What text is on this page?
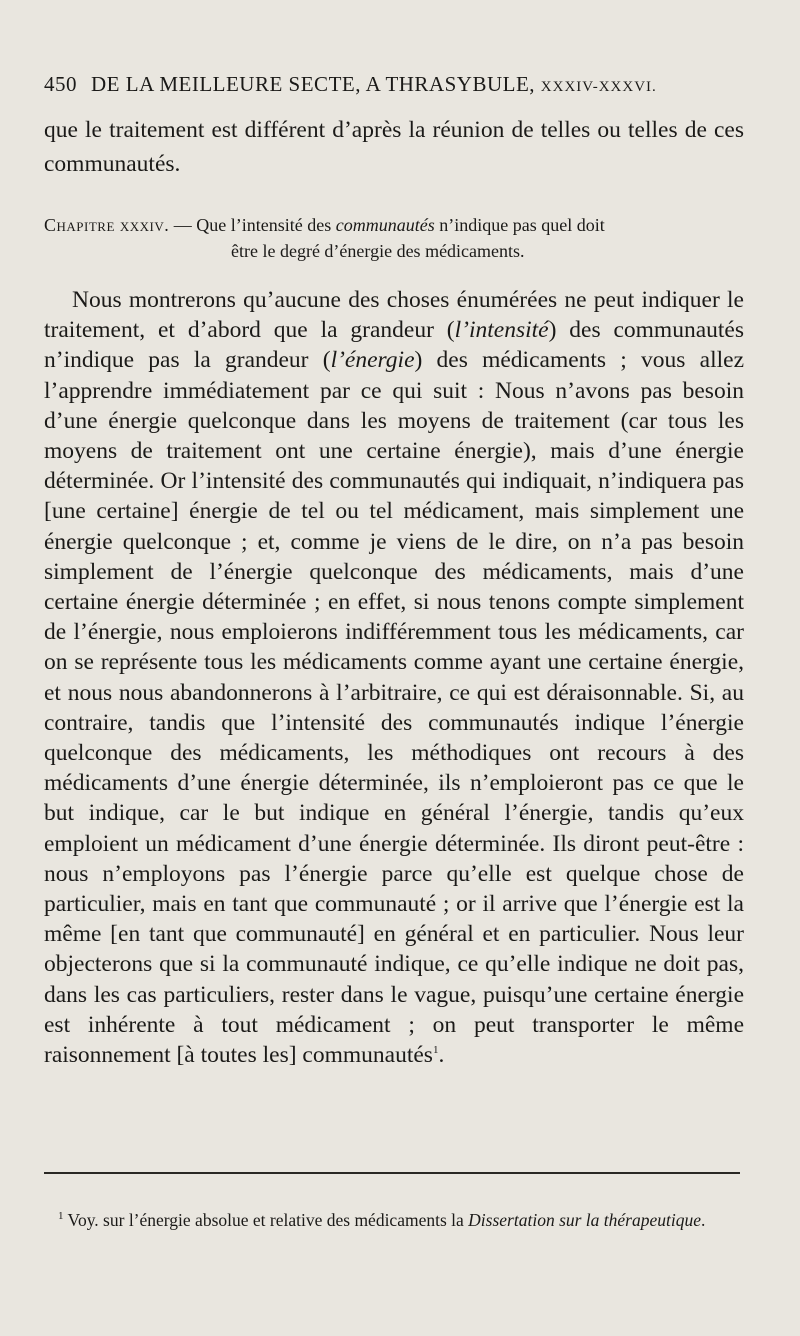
450 DE LA MEILLEURE SECTE, A THRASYBULE, XXXIV-XXXVI.
que le traitement est différent d’après la réunion de telles ou telles de ces communautés.
Chapitre xxxiv. — Que l’intensité des communautés n’indique pas quel doit
être le degré d’énergie des médicaments.
Nous montrerons qu’aucune des choses énumérées ne peut indiquer le traitement, et d’abord que la grandeur (l’intensité) des communautés n’indique pas la grandeur (l’énergie) des médicaments ; vous allez l’apprendre immédiatement par ce qui suit : Nous n’avons pas besoin d’une énergie quelconque dans les moyens de traitement (car tous les moyens de traitement ont une certaine énergie), mais d’une énergie déterminée. Or l’intensité des communautés qui indiquait, n’indiquera pas [une certaine] énergie de tel ou tel médicament, mais simplement une énergie quelconque ; et, comme je viens de le dire, on n’a pas besoin simplement de l’énergie quelconque des médicaments, mais d’une certaine énergie déterminée ; en effet, si nous tenons compte simplement de l’énergie, nous emploierons indifféremment tous les médicaments, car on se représente tous les médicaments comme ayant une certaine énergie, et nous nous abandonnerons à l’arbitraire, ce qui est déraisonnable. Si, au contraire, tandis que l’intensité des communautés indique l’énergie quelconque des médicaments, les méthodiques ont recours à des médicaments d’une énergie déterminée, ils n’emploieront pas ce que le but indique, car le but indique en général l’énergie, tandis qu’eux emploient un médicament d’une énergie déterminée. Ils diront peut-être : nous n’employons pas l’énergie parce qu’elle est quelque chose de particulier, mais en tant que communauté ; or il arrive que l’énergie est la même [en tant que communauté] en général et en particulier. Nous leur objecterons que si la communauté indique, ce qu’elle indique ne doit pas, dans les cas particuliers, rester dans le vague, puisqu’une certaine énergie est inhérente à tout médicament ; on peut transporter le même raisonnement [à toutes les] communautés$^1$.
$^1$ Voy. sur l’énergie absolue et relative des médicaments la Dissertation sur la thérapeutique.
